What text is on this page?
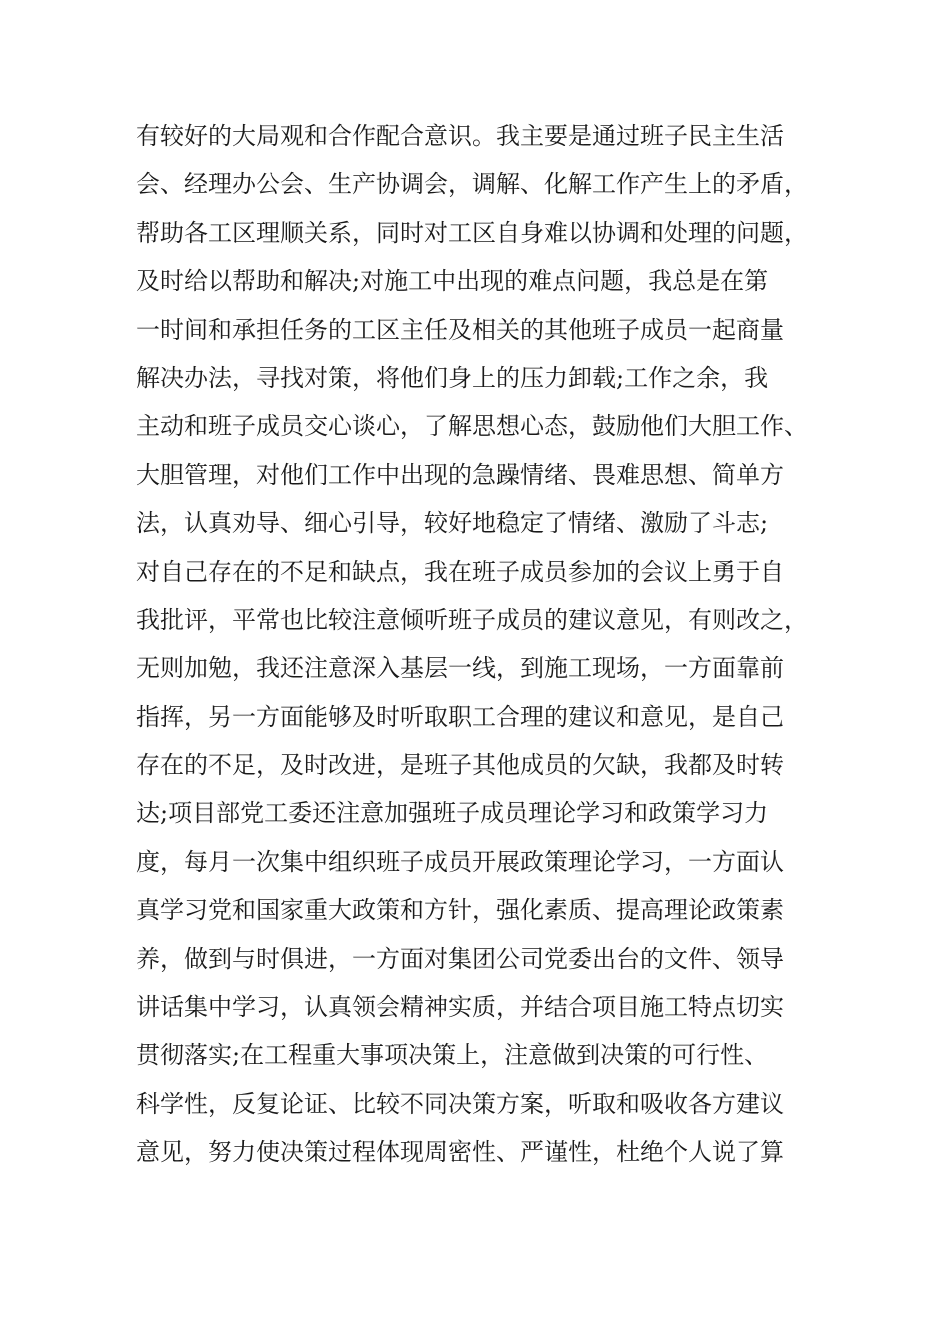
有较好的大局观和合作配合意识。我主要是通过班子民主生活
会、经理办公会、生产协调会，调解、化解工作产生上的矛盾，
帮助各工区理顺关系，同时对工区自身难以协调和处理的问题，
及时给以帮助和解决;对施工中出现的难点问题，我总是在第
一时间和承担任务的工区主任及相关的其他班子成员一起商量
解决办法，寻找对策，将他们身上的压力卸载;工作之余，我
主动和班子成员交心谈心，了解思想心态，鼓励他们大胆工作、
大胆管理，对他们工作中出现的急躁情绪、畏难思想、简单方
法，认真劝导、细心引导，较好地稳定了情绪、激励了斗志;
对自己存在的不足和缺点，我在班子成员参加的会议上勇于自
我批评，平常也比较注意倾听班子成员的建议意见，有则改之，
无则加勉，我还注意深入基层一线，到施工现场，一方面靠前
指挥，另一方面能够及时听取职工合理的建议和意见，是自己
存在的不足，及时改进，是班子其他成员的欠缺，我都及时转
达;项目部党工委还注意加强班子成员理论学习和政策学习力
度，每月一次集中组织班子成员开展政策理论学习，一方面认
真学习党和国家重大政策和方针，强化素质、提高理论政策素
养，做到与时俱进，一方面对集团公司党委出台的文件、领导
讲话集中学习，认真领会精神实质，并结合项目施工特点切实
贯彻落实;在工程重大事项决策上，注意做到决策的可行性、
科学性，反复论证、比较不同决策方案，听取和吸收各方建议
意见，努力使决策过程体现周密性、严谨性，杜绝个人说了算
